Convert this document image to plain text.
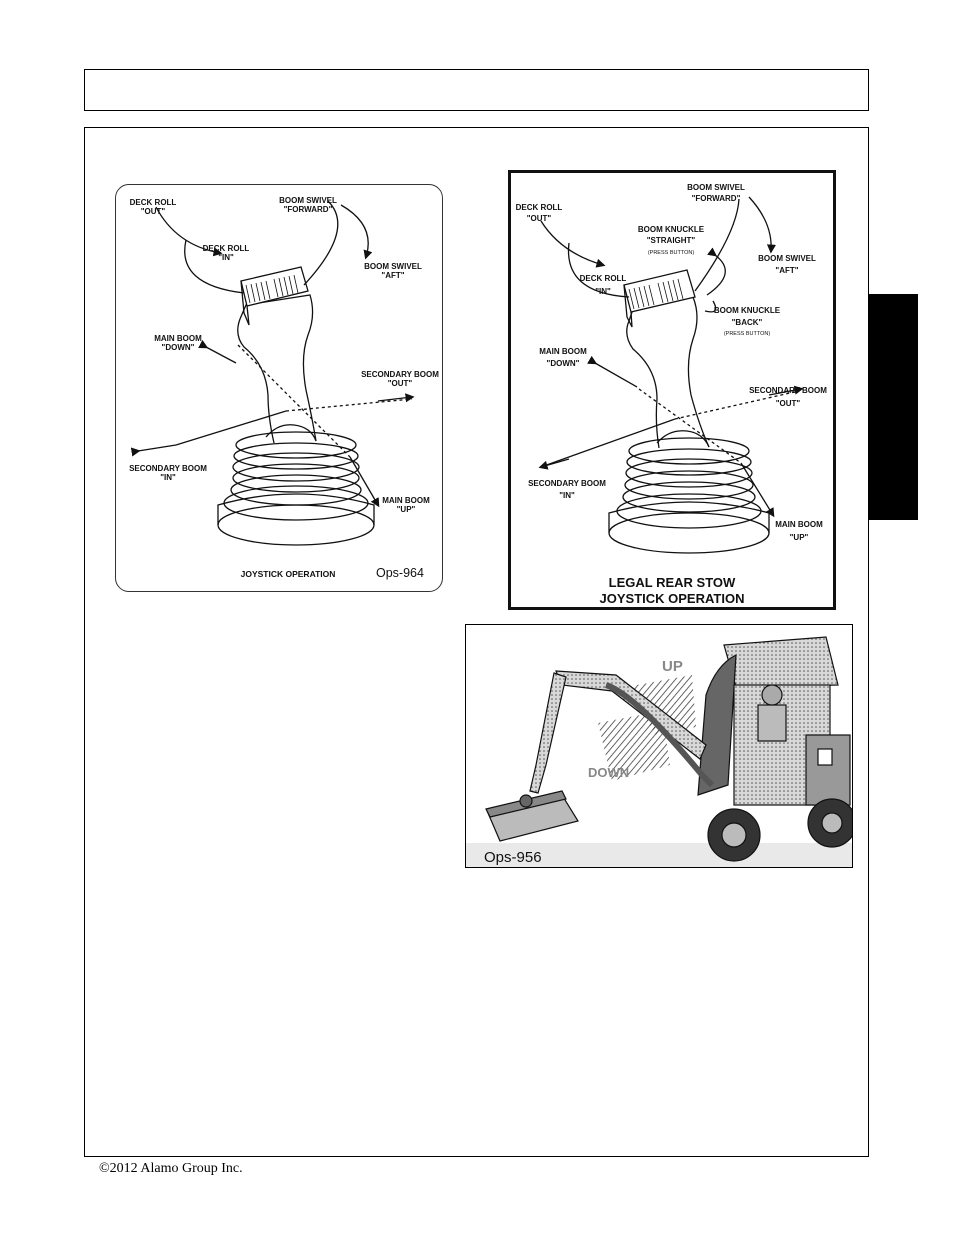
DECK ROLL "OUT"
DECK ROLL "IN"
BOOM SWIVEL "FORWARD"
BOOM SWIVEL "AFT"
MAIN BOOM "DOWN"
SECONDARY BOOM "OUT"
SECONDARY BOOM "IN"
MAIN BOOM "UP"
JOYSTICK OPERATION	Ops-964
BOOM SWIVEL "FORWARD"
DECK ROLL "OUT"
BOOM KNUCKLE "STRAIGHT" (PRESS BUTTON)
BOOM SWIVEL "AFT"
DECK ROLL "IN"
BOOM KNUCKLE "BACK" (PRESS BUTTON)
MAIN BOOM "DOWN"
SECONDARY BOOM "OUT"
SECONDARY BOOM "IN"
MAIN BOOM "UP"
LEGAL REAR STOW
JOYSTICK OPERATION
UP
DOWN
Ops-956
©2012 Alamo Group Inc.
